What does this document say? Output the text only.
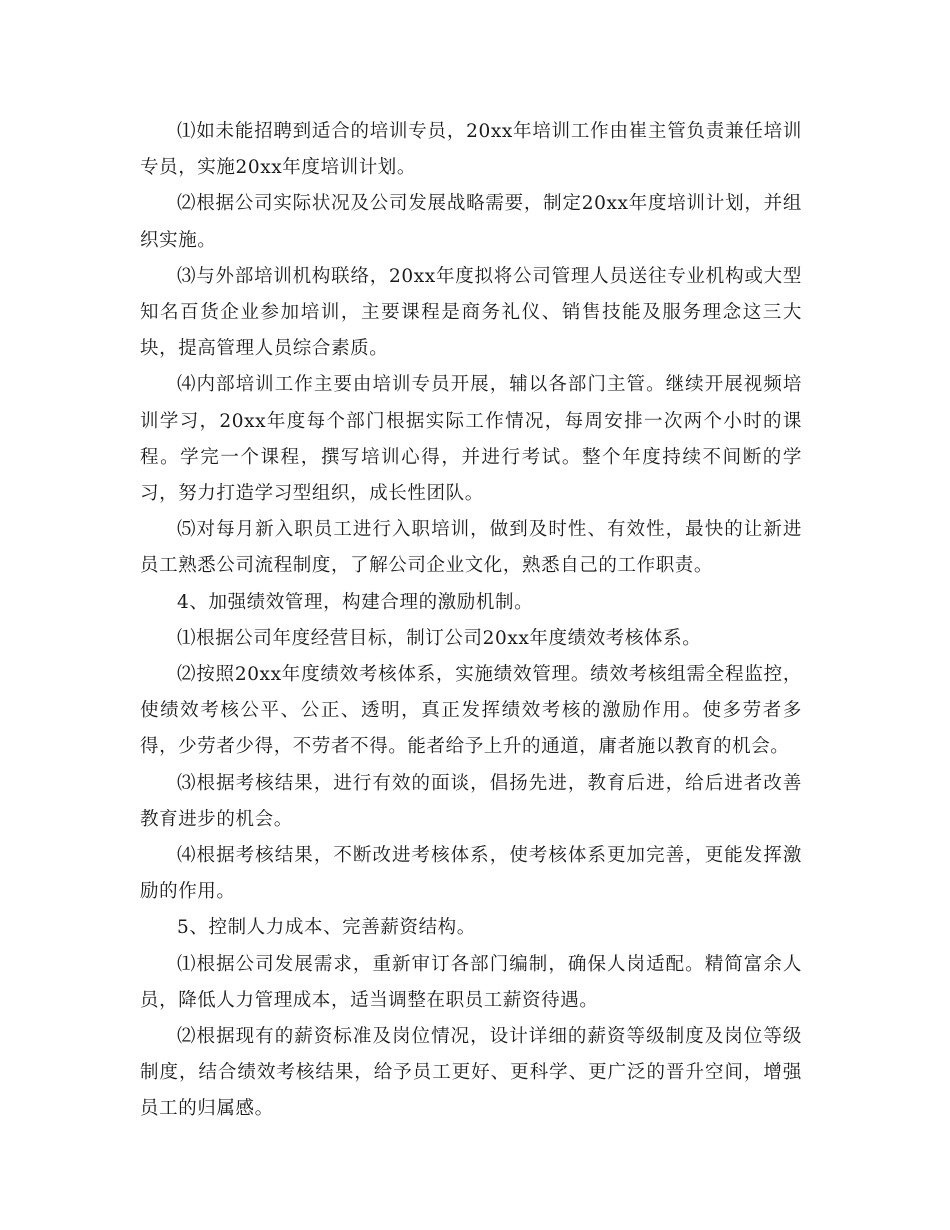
⑴如未能招聘到适合的培训专员，20xx年培训工作由崔主管负责兼任培训专员，实施20xx年度培训计划。

⑵根据公司实际状况及公司发展战略需要，制定20xx年度培训计划，并组织实施。

⑶与外部培训机构联络，20xx年度拟将公司管理人员送往专业机构或大型知名百货企业参加培训，主要课程是商务礼仪、销售技能及服务理念这三大块，提高管理人员综合素质。

⑷内部培训工作主要由培训专员开展，辅以各部门主管。继续开展视频培训学习，20xx年度每个部门根据实际工作情况，每周安排一次两个小时的课程。学完一个课程，撰写培训心得，并进行考试。整个年度持续不间断的学习，努力打造学习型组织，成长性团队。

⑸对每月新入职员工进行入职培训，做到及时性、有效性，最快的让新进员工熟悉公司流程制度，了解公司企业文化，熟悉自己的工作职责。

4、加强绩效管理，构建合理的激励机制。

⑴根据公司年度经营目标，制订公司20xx年度绩效考核体系。

⑵按照20xx年度绩效考核体系，实施绩效管理。绩效考核组需全程监控，使绩效考核公平、公正、透明，真正发挥绩效考核的激励作用。使多劳者多得，少劳者少得，不劳者不得。能者给予上升的通道，庸者施以教育的机会。

⑶根据考核结果，进行有效的面谈，倡扬先进，教育后进，给后进者改善教育进步的机会。

⑷根据考核结果，不断改进考核体系，使考核体系更加完善，更能发挥激励的作用。

5、控制人力成本、完善薪资结构。

⑴根据公司发展需求，重新审订各部门编制，确保人岗适配。精简富余人员，降低人力管理成本，适当调整在职员工薪资待遇。

⑵根据现有的薪资标准及岗位情况，设计详细的薪资等级制度及岗位等级制度，结合绩效考核结果，给予员工更好、更科学、更广泛的晋升空间，增强员工的归属感。
